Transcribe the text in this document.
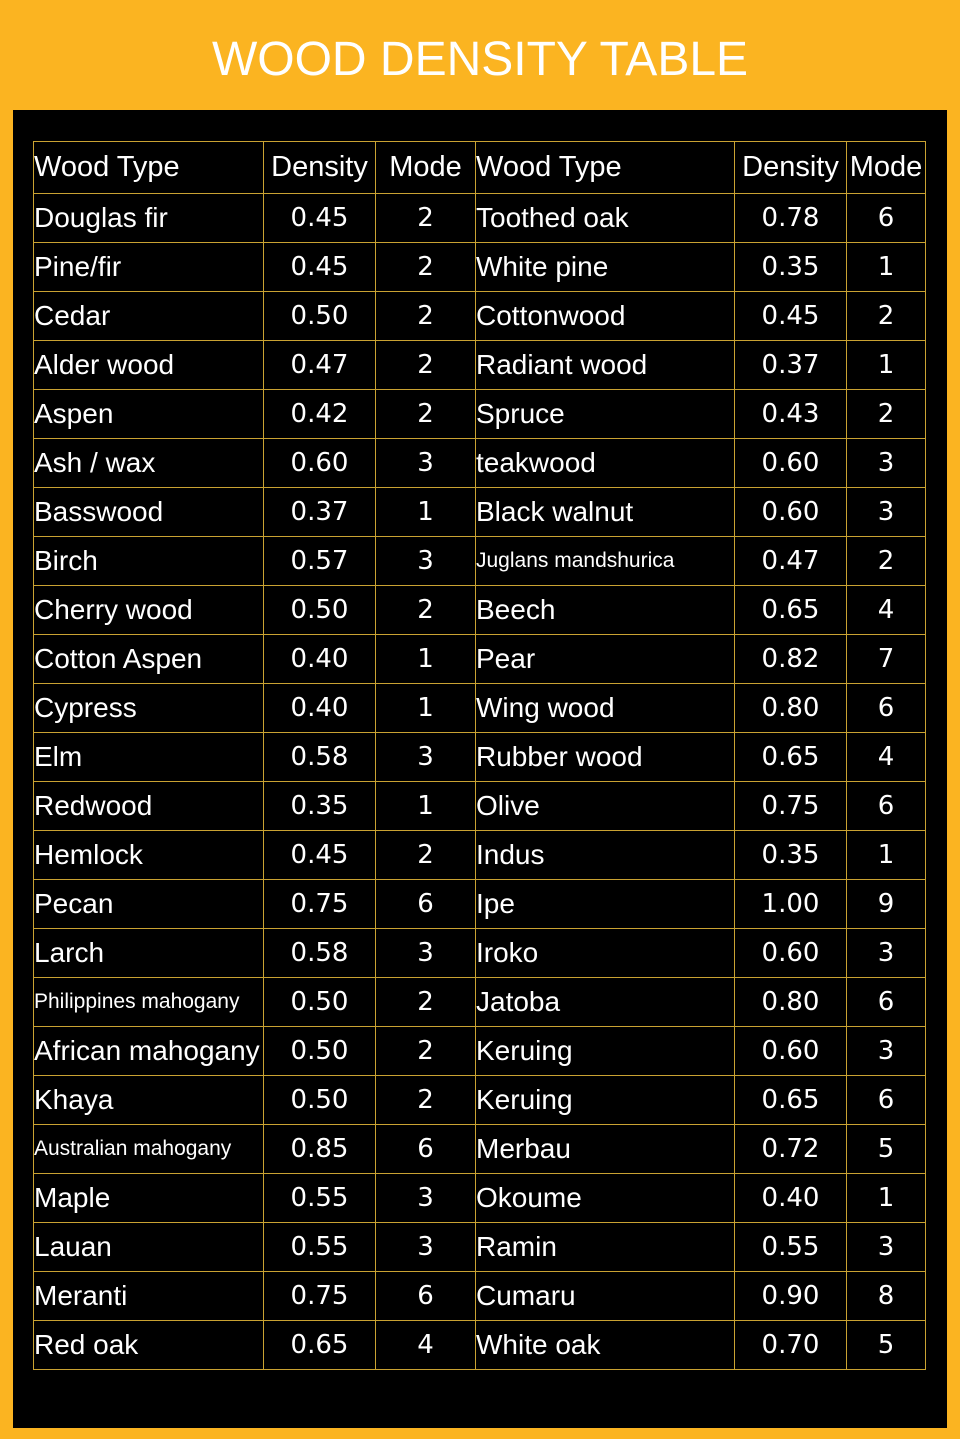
WOOD DENSITY TABLE
Wood Type	Density	Mode	Wood Type	Density	Mode
Douglas fir	0.45	2	Toothed oak	0.78	6
Pine/fir	0.45	2	White pine	0.35	1
Cedar	0.50	2	Cottonwood	0.45	2
Alder wood	0.47	2	Radiant wood	0.37	1
Aspen	0.42	2	Spruce	0.43	2
Ash / wax	0.60	3	teakwood	0.60	3
Basswood	0.37	1	Black walnut	0.60	3
Birch	0.57	3	Juglans mandshurica	0.47	2
Cherry wood	0.50	2	Beech	0.65	4
Cotton Aspen	0.40	1	Pear	0.82	7
Cypress	0.40	1	Wing wood	0.80	6
Elm	0.58	3	Rubber wood	0.65	4
Redwood	0.35	1	Olive	0.75	6
Hemlock	0.45	2	Indus	0.35	1
Pecan	0.75	6	Ipe	1.00	9
Larch	0.58	3	Iroko	0.60	3
Philippines mahogany	0.50	2	Jatoba	0.80	6
African mahogany	0.50	2	Keruing	0.60	3
Khaya	0.50	2	Keruing	0.65	6
Australian mahogany	0.85	6	Merbau	0.72	5
Maple	0.55	3	Okoume	0.40	1
Lauan	0.55	3	Ramin	0.55	3
Meranti	0.75	6	Cumaru	0.90	8
Red oak	0.65	4	White oak	0.70	5
